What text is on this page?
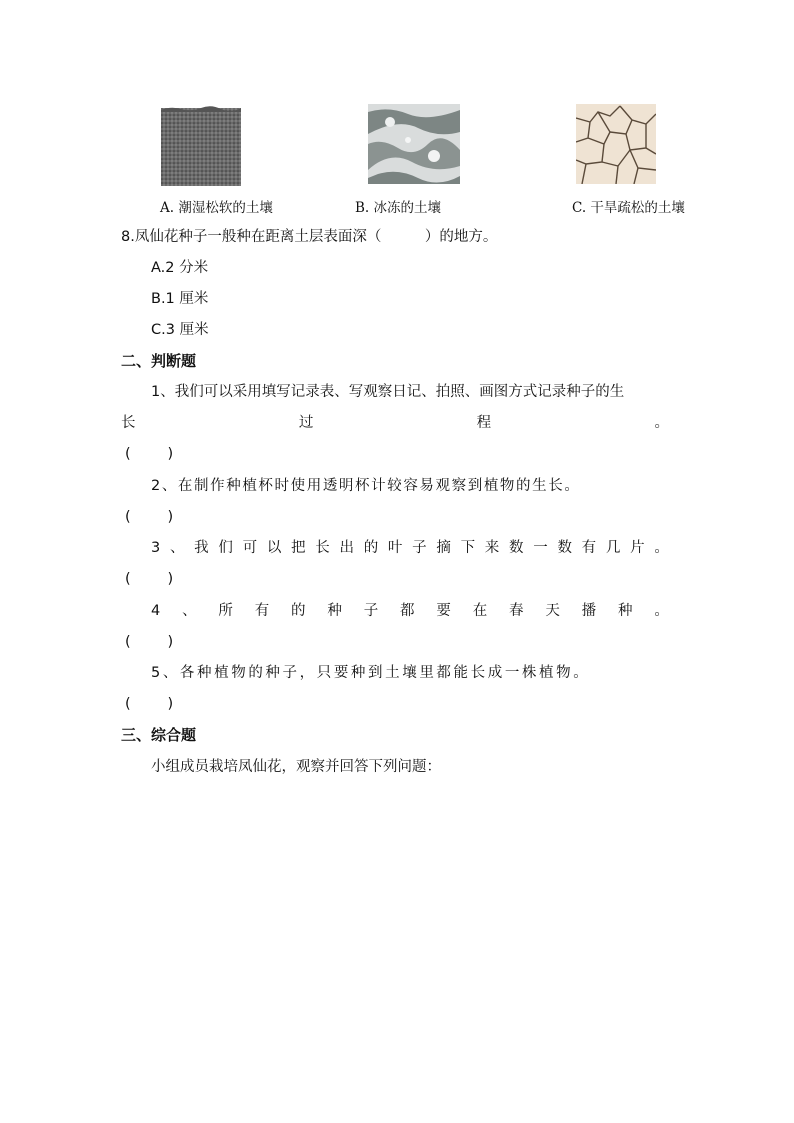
A. 潮湿松软的土壤	B. 冰冻的土壤	C. 干旱疏松的土壤
8.凤仙花种子一般种在距离土层表面深（　　　）的地方。
A.2 分米
B.1 厘米
C.3 厘米
二、判断题
1、我们可以采用填写记录表、写观察日记、拍照、画图方式记录种子的生
长	过	程	。
(        )
2、在制作种植杯时使用透明杯计较容易观察到植物的生长。
(        )
3 、 我 们 可 以 把 长 出 的 叶 子 摘 下 来 数 一 数 有 几 片 。
(        )
4 、 所 有 的 种 子 都 要 在 春 天 播 种 。
(        )
5、各种植物的种子，只要种到土壤里都能长成一株植物。
(        )
三、综合题
小组成员栽培凤仙花，观察并回答下列问题：
